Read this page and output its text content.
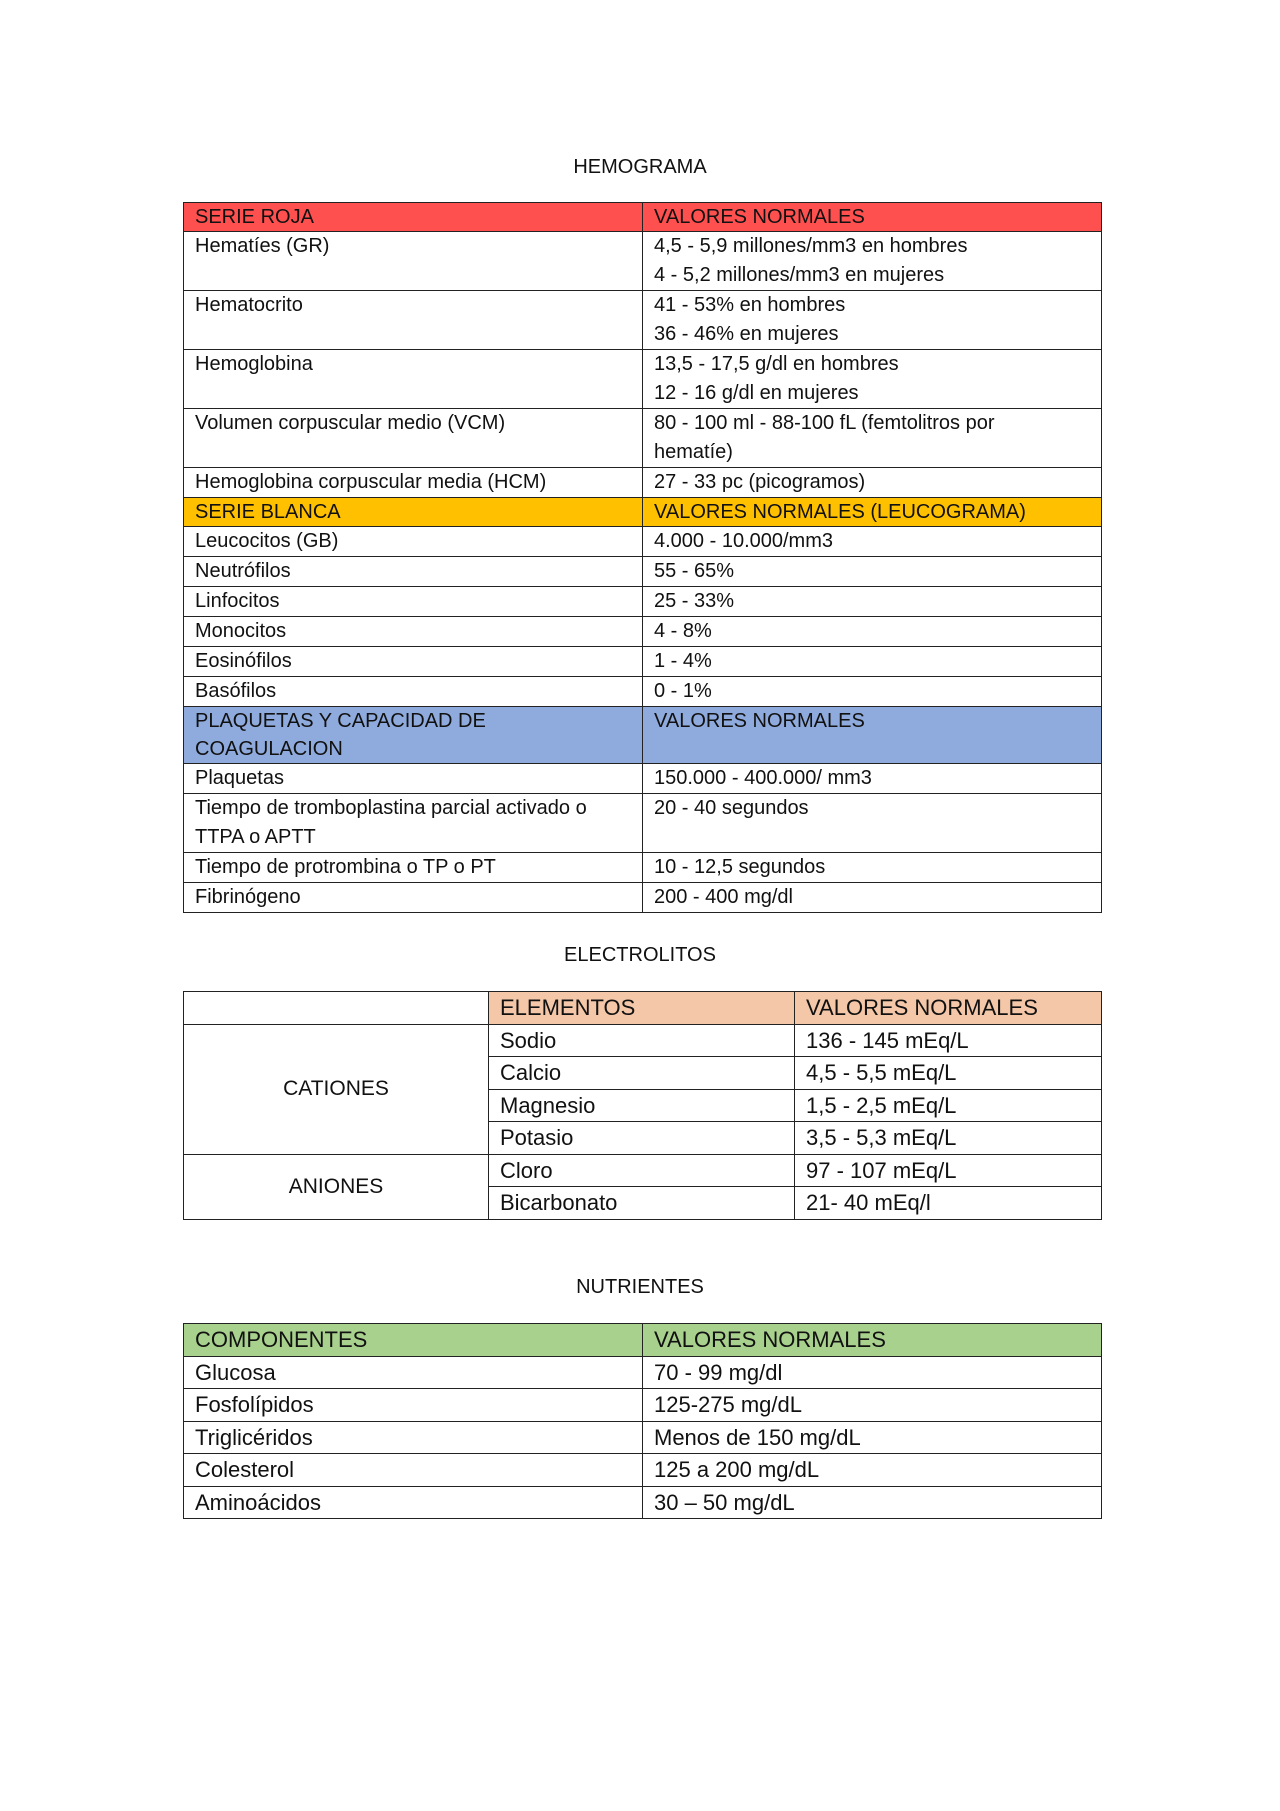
HEMOGRAMA
SERIE ROJA	VALORES NORMALES
Hematíes (GR)	4,5 - 5,9 millones/mm3 en hombres
4 - 5,2 millones/mm3 en mujeres

Hematocrito	41 - 53% en hombres
36 - 46% en mujeres

Hemoglobina	13,5 - 17,5 g/dl en hombres
12 - 16 g/dl en mujeres

Volumen corpuscular medio (VCM)	80 - 100 ml - 88-100 fL (femtolitros por
hematíe)

Hemoglobina corpuscular media (HCM)	27 - 33 pc (picogramos)

SERIE BLANCA	VALORES NORMALES (LEUCOGRAMA)
Leucocitos (GB)	4.000 - 10.000/mm3
Neutrófilos	55 - 65%
Linfocitos	25 - 33%
Monocitos	4 - 8%
Eosinófilos	1 - 4%
Basófilos	0 - 1%
PLAQUETAS Y CAPACIDAD DE COAGULACION	VALORES NORMALES

Plaquetas	150.000 - 400.000/ mm3

Tiempo de tromboplastina parcial activado o
TTPA o APTT	20 - 40 segundos

Tiempo de protrombina o TP o PT	10 - 12,5 segundos

Fibrinógeno	200 - 400 mg/dl
ELECTROLITOS
	ELEMENTOS	VALORES NORMALES
CATIONES	Sodio	136 - 145 mEq/L
	Calcio	4,5 - 5,5 mEq/L
	Magnesio	1,5 - 2,5 mEq/L
	Potasio	3,5 - 5,3 mEq/L
ANIONES	Cloro	97 - 107 mEq/L
	Bicarbonato	21- 40 mEq/l
NUTRIENTES
COMPONENTES	VALORES NORMALES
Glucosa	70 - 99 mg/dl
Fosfolípidos	125-275 mg/dL
Triglicéridos	Menos de 150 mg/dL
Colesterol	125 a 200 mg/dL
Aminoácidos	30 – 50 mg/dL
